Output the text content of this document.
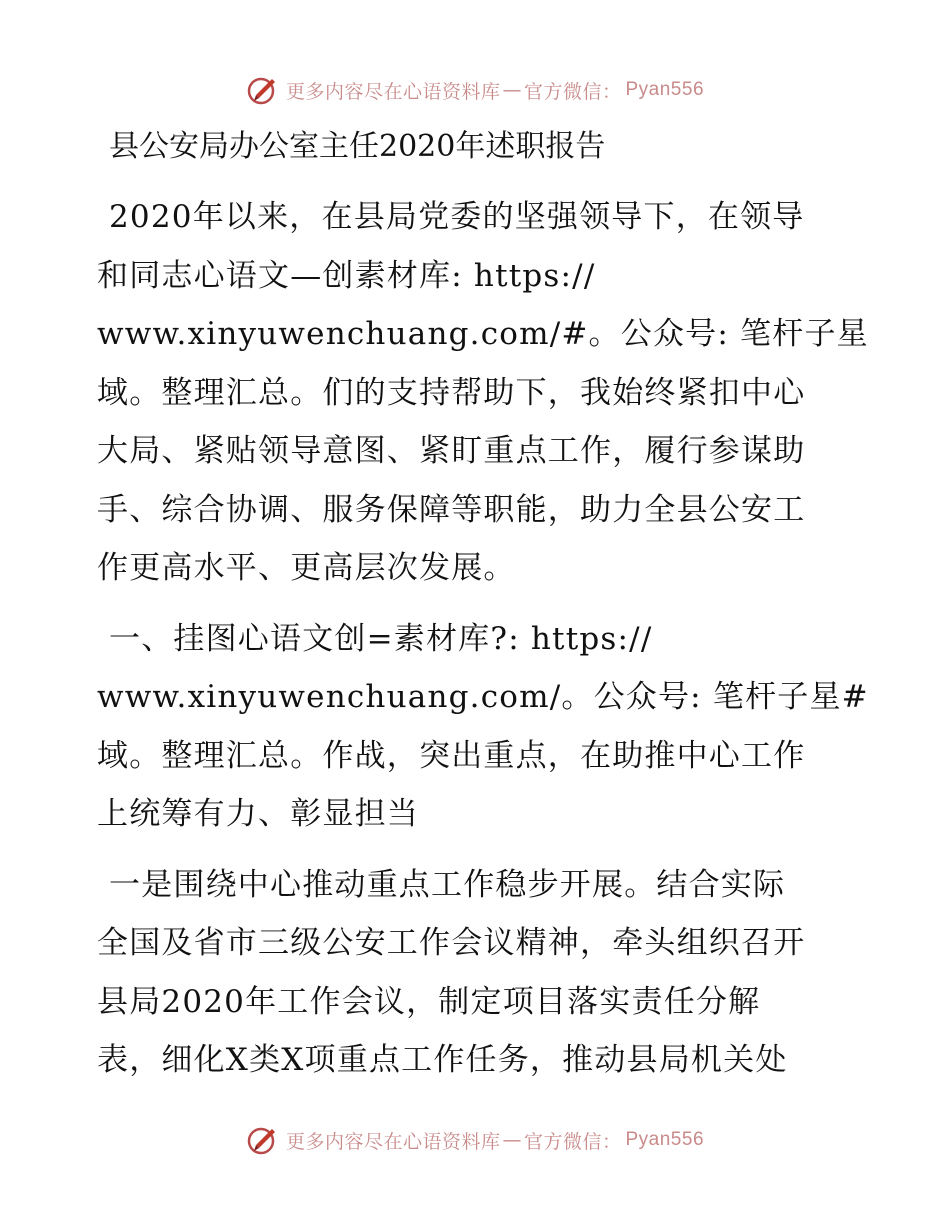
更多内容尽在心语资料库 — 官方微信： Pyan556
县公安局办公室主任2020年述职报告

2020年以来，在县局党委的坚强领导下，在领导
和同志心语文—创素材库: https://
www.xinyuwenchuang.com/#。公众号: 笔杆子星
域。整理汇总。们的支持帮助下，我始终紧扣中心
大局、紧贴领导意图、紧盯重点工作，履行参谋助
手、综合协调、服务保障等职能，助力全县公安工
作更高水平、更高层次发展。

一、挂图心语文创=素材库?: https://
www.xinyuwenchuang.com/。公众号: 笔杆子星#
域。整理汇总。作战，突出重点，在助推中心工作
上统筹有力、彰显担当

一是围绕中心推动重点工作稳步开展。结合实际
全国及省市三级公安工作会议精神，牵头组织召开
县局2020年工作会议，制定项目落实责任分解
表，细化X类X项重点工作任务，推动县局机关处

更多内容尽在心语资料库 — 官方微信： Pyan556
